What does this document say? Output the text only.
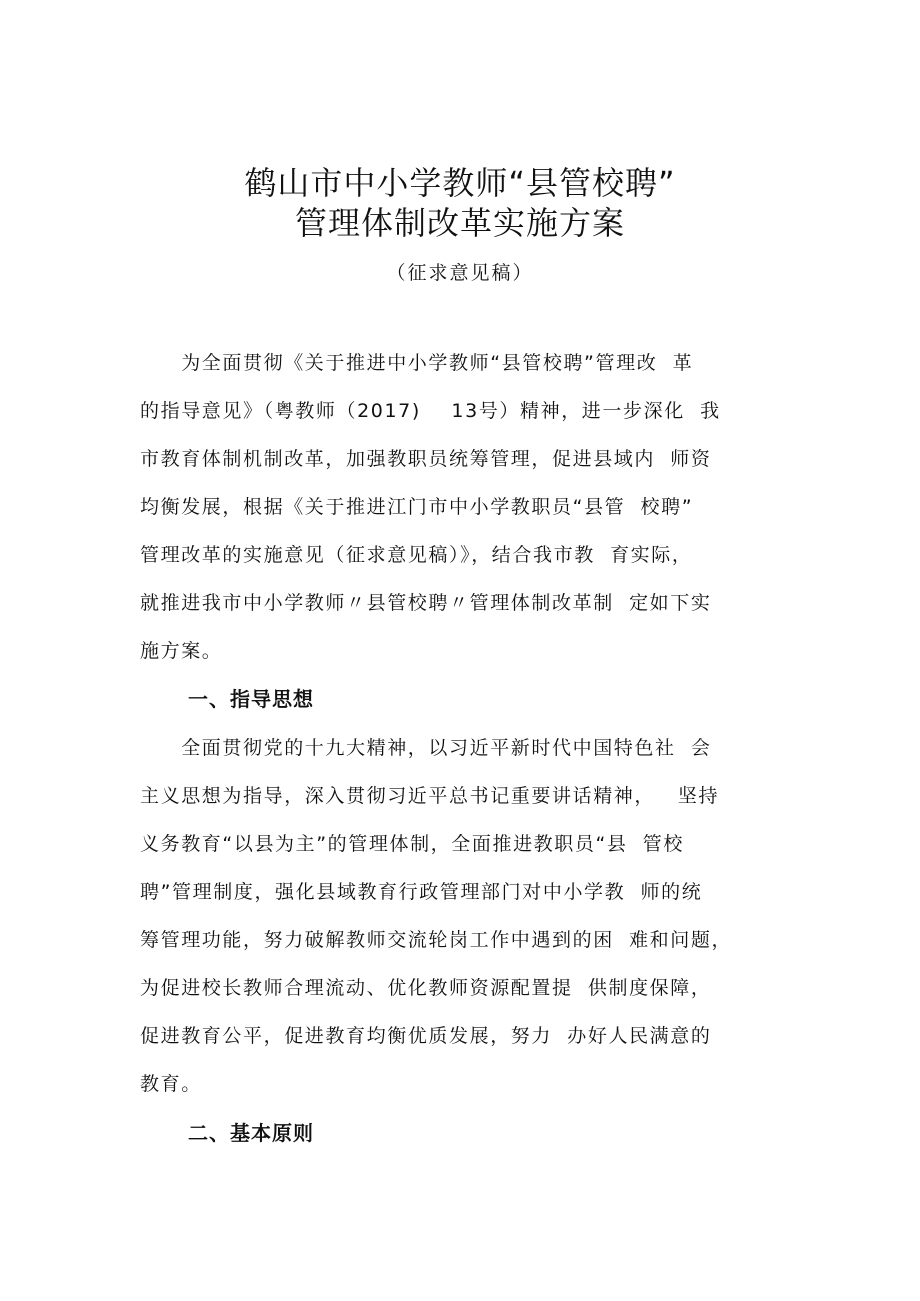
鹤山市中小学教师“县管校聘”
管理体制改革实施方案
（征求意见稿）
　　为全面贯彻《关于推进中小学教师“县管校聘”管理改  革
的指导意见》（粤教师（2017)    13号）精神，进一步深化  我
市教育体制机制改革，加强教职员统筹管理，促进县域内  师资
均衡发展，根据《关于推进江门市中小学教职员“县管  校聘”
管理改革的实施意见（征求意见稿）》，结合我市教  育实际，
就推进我市中小学教师〃县管校聘〃管理体制改革制  定如下实
施方案。
一、指导思想
　　全面贯彻党的十九大精神，以习近平新时代中国特色社  会
主义思想为指导，深入贯彻习近平总书记重要讲话精神，   坚持
义务教育“以县为主”的管理体制，全面推进教职员“县  管校
聘”管理制度，强化县域教育行政管理部门对中小学教  师的统
筹管理功能，努力破解教师交流轮岗工作中遇到的困  难和问题，
为促进校长教师合理流动、优化教师资源配置提  供制度保障，
促进教育公平，促进教育均衡优质发展，努力  办好人民满意的
教育。
二、基本原则
